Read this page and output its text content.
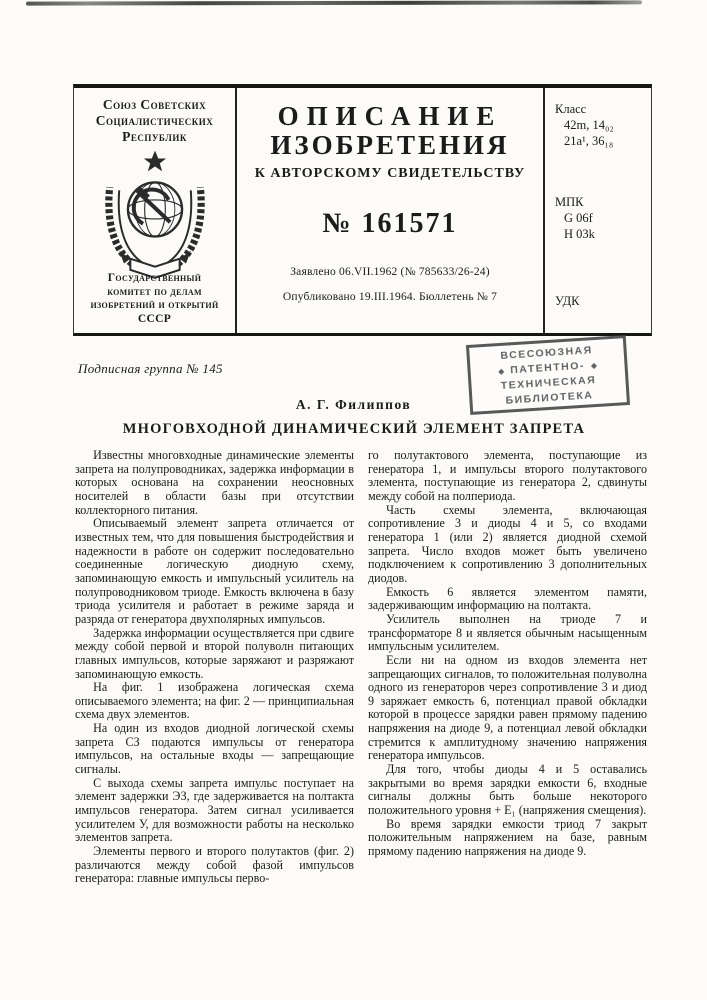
Союз Советских
Социалистических
Республик
Государственный
комитет по делам
изобретений и открытий
СССР
ОПИСАНИЕ
ИЗОБРЕТЕНИЯ
К АВТОРСКОМУ СВИДЕТЕЛЬСТВУ
№ 161571
Заявлено 06.VII.1962 (№ 785633/26-24)
Опубликовано 19.III.1964. Бюллетень № 7
Класс
42m, 14₀₂
21a¹, 36₁₈
МПК
G 06f
H 03k
УДК
Подписная группа № 145
ВСЕСОЮЗНАЯ
◆ ПАТЕНТНО- ◆
ТЕХНИЧЕСКАЯ
БИБЛИОТЕКА
А. Г. Филиппов
МНОГОВХОДНОЙ ДИНАМИЧЕСКИЙ ЭЛЕМЕНТ ЗАПРЕТА

Известны многовходные динамические элементы запрета на полупроводниках, задержка информации в которых основана на сохранении неосновных носителей в области базы при отсутствии коллекторного питания.

Описываемый элемент запрета отличается от известных тем, что для повышения быстродействия и надежности в работе он содержит последовательно соединенные логическую диодную схему, запоминающую емкость и импульсный усилитель на полупроводниковом триоде. Емкость включена в базу триода усилителя и работает в режиме заряда и разряда от генератора двухполярных импульсов.

Задержка информации осуществляется при сдвиге между собой первой и второй полуволн питающих главных импульсов, которые заряжают и разряжают запоминающую емкость.

На фиг. 1 изображена логическая схема описываемого элемента; на фиг. 2 — принципиальная схема двух элементов.

На один из входов диодной логической схемы запрета СЗ подаются импульсы от генератора импульсов, на остальные входы — запрещающие сигналы.

С выхода схемы запрета импульс поступает на элемент задержки ЭЗ, где задерживается на полтакта импульсов генератора. Затем сигнал усиливается усилителем У, для возможности работы на несколько элементов запрета.

Элементы первого и второго полутактов (фиг. 2) различаются между собой фазой импульсов генератора: главные импульсы перво-

го полутактового элемента, поступающие из генератора 1, и импульсы второго полутактового элемента, поступающие из генератора 2, сдвинуты между собой на полпериода.

Часть схемы элемента, включающая сопротивление 3 и диоды 4 и 5, со входами генератора 1 (или 2) является диодной схемой запрета. Число входов может быть увеличено подключением к сопротивлению 3 дополнительных диодов.

Емкость 6 является элементом памяти, задерживающим информацию на полтакта.

Усилитель выполнен на триоде 7 и трансформаторе 8 и является обычным насыщенным импульсным усилителем.

Если ни на одном из входов элемента нет запрещающих сигналов, то положительная полуволна одного из генераторов через сопротивление 3 и диод 9 заряжает емкость 6, потенциал правой обкладки которой в процессе зарядки равен прямому падению напряжения на диоде 9, а потенциал левой обкладки стремится к амплитудному значению напряжения генератора импульсов.

Для того, чтобы диоды 4 и 5 оставались закрытыми во время зарядки емкости 6, входные сигналы должны быть больше некоторого положительного уровня + E₁ (напряжения смещения).

Во время зарядки емкости триод 7 закрыт положительным напряжением на базе, равным прямому падению напряжения на диоде 9.
